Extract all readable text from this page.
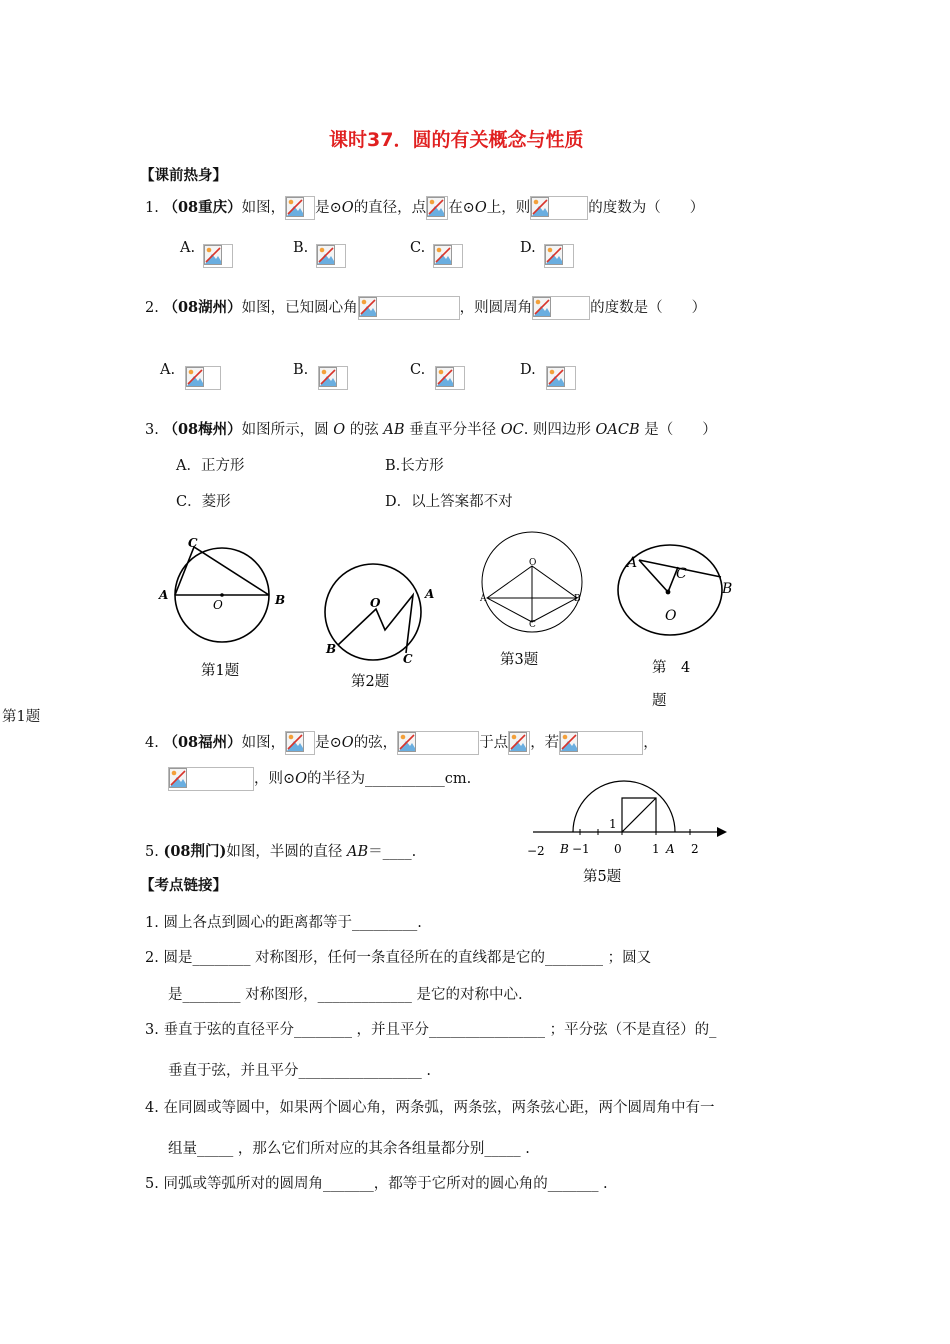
课时37．圆的有关概念与性质
【课前热身】
1. （08重庆）如图， 是⊙O的直径，点 在⊙O上，则	的度数为（　　）
A.	B.	C.	D.
2. （08湖州）如图，已知圆心角	，则圆周角	的度数是（　　）
A.	B.	C.	D.
3. （08梅州）如图所示，圆 O 的弦 AB 垂直平分半径 OC. 则四边形 OACB 是（　　）
A．正方形	B.长方形
C．菱形	D．以上答案都不对
C
A	B
O
第1题
O
A
B
C
第2题
O
A	B
C
第3题
A
C
B
O
第　4
题
第1题
4. （08福州）如图， 是⊙O的弦，	于点 ，若	，
，则⊙O的半径为___________cm.
5. (08荆门)如图，半圆的直径 AB＝____.	−2 B −1 0	1 A 2
1
第5题
【考点链接】
1. 圆上各点到圆心的距离都等于_________.
2. 圆是________ 对称图形，任何一条直径所在的直线都是它的________ ；圆又
是________ 对称图形，_____________ 是它的对称中心.
3. 垂直于弦的直径平分________ ，并且平分________________ ；平分弦（不是直径）的_
垂直于弦，并且平分_________________ .
4. 在同圆或等圆中，如果两个圆心角，两条弧，两条弦，两条弦心距，两个圆周角中有一
组量_____ ，那么它们所对应的其余各组量都分别_____ .
5. 同弧或等弧所对的圆周角_______，都等于它所对的圆心角的_______ .
